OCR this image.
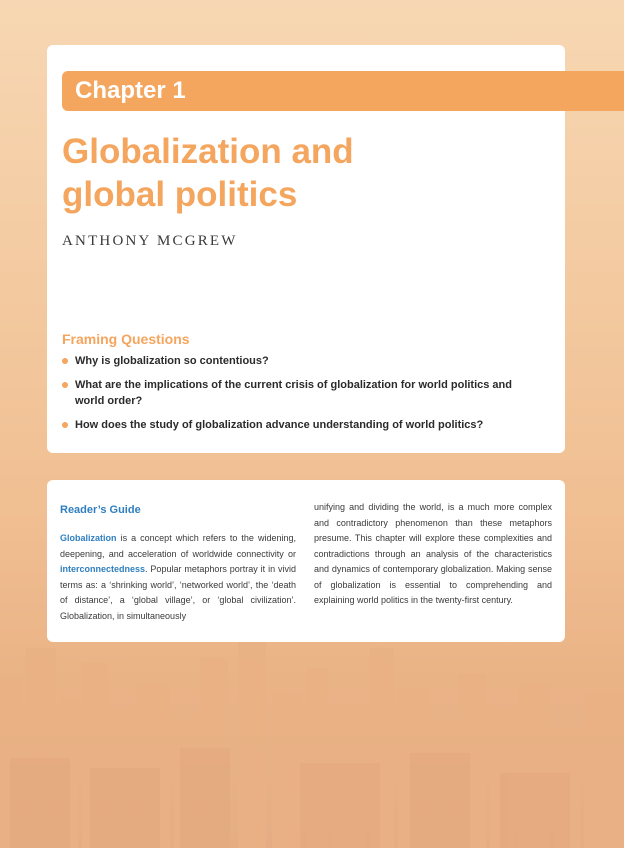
Chapter 1
Globalization and
global politics
ANTHONY MCGREW
Framing Questions
Why is globalization so contentious?
What are the implications of the current crisis of globalization for world politics and world order?
How does the study of globalization advance understanding of world politics?
Reader’s Guide
Globalization is a concept which refers to the widening, deepening, and acceleration of worldwide connectivity or interconnectedness. Popular metaphors portray it in vivid terms as: a ‘shrinking world’, ‘networked world’, the ‘death of distance’, a ‘global village’, or ‘global civilization’. Globalization, in simultaneously
unifying and dividing the world, is a much more complex and contradictory phenomenon than these metaphors presume. This chapter will explore these complexities and contradictions through an analysis of the characteristics and dynamics of contemporary globalization. Making sense of globalization is essential to comprehending and explaining world politics in the twenty-first century.
